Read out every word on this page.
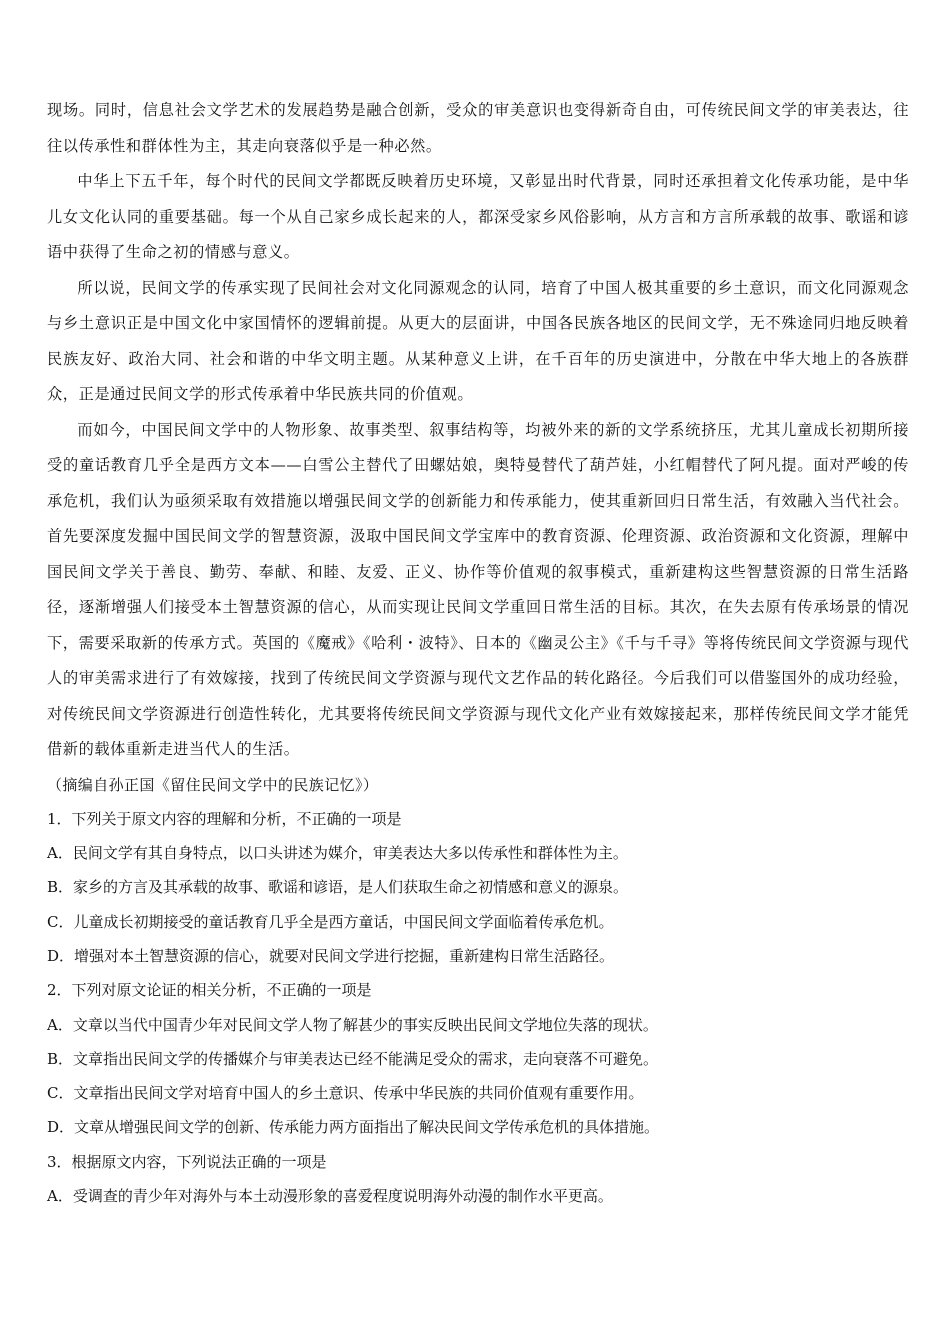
现场。同时，信息社会文学艺术的发展趋势是融合创新，受众的审美意识也变得新奇自由，可传统民间文学的审美表达，往往以传承性和群体性为主，其走向衰落似乎是一种必然。

中华上下五千年，每个时代的民间文学都既反映着历史环境，又彰显出时代背景，同时还承担着文化传承功能，是中华儿女文化认同的重要基础。每一个从自己家乡成长起来的人，都深受家乡风俗影响，从方言和方言所承载的故事、歌谣和谚语中获得了生命之初的情感与意义。

所以说，民间文学的传承实现了民间社会对文化同源观念的认同，培育了中国人极其重要的乡土意识，而文化同源观念与乡土意识正是中国文化中家国情怀的逻辑前提。从更大的层面讲，中国各民族各地区的民间文学，无不殊途同归地反映着民族友好、政治大同、社会和谐的中华文明主题。从某种意义上讲，在千百年的历史演进中，分散在中华大地上的各族群众，正是通过民间文学的形式传承着中华民族共同的价值观。

而如今，中国民间文学中的人物形象、故事类型、叙事结构等，均被外来的新的文学系统挤压，尤其儿童成长初期所接受的童话教育几乎全是西方文本——白雪公主替代了田螺姑娘，奥特曼替代了葫芦娃，小红帽替代了阿凡提。面对严峻的传承危机，我们认为亟须采取有效措施以增强民间文学的创新能力和传承能力，使其重新回归日常生活，有效融入当代社会。首先要深度发掘中国民间文学的智慧资源，汲取中国民间文学宝库中的教育资源、伦理资源、政治资源和文化资源，理解中国民间文学关于善良、勤劳、奉献、和睦、友爱、正义、协作等价值观的叙事模式，重新建构这些智慧资源的日常生活路径，逐渐增强人们接受本土智慧资源的信心，从而实现让民间文学重回日常生活的目标。其次，在失去原有传承场景的情况下，需要采取新的传承方式。英国的《魔戒》《哈利・波特》、日本的《幽灵公主》《千与千寻》等将传统民间文学资源与现代人的审美需求进行了有效嫁接，找到了传统民间文学资源与现代文艺作品的转化路径。今后我们可以借鉴国外的成功经验，对传统民间文学资源进行创造性转化，尤其要将传统民间文学资源与现代文化产业有效嫁接起来，那样传统民间文学才能凭借新的载体重新走进当代人的生活。

（摘编自孙正国《留住民间文学中的民族记忆》）

1．下列关于原文内容的理解和分析，不正确的一项是

A．民间文学有其自身特点，以口头讲述为媒介，审美表达大多以传承性和群体性为主。

B．家乡的方言及其承载的故事、歌谣和谚语，是人们获取生命之初情感和意义的源泉。

C．儿童成长初期接受的童话教育几乎全是西方童话，中国民间文学面临着传承危机。

D．增强对本土智慧资源的信心，就要对民间文学进行挖掘，重新建构日常生活路径。

2．下列对原文论证的相关分析，不正确的一项是

A．文章以当代中国青少年对民间文学人物了解甚少的事实反映出民间文学地位失落的现状。

B．文章指出民间文学的传播媒介与审美表达已经不能满足受众的需求，走向衰落不可避免。

C．文章指出民间文学对培育中国人的乡土意识、传承中华民族的共同价值观有重要作用。

D．文章从增强民间文学的创新、传承能力两方面指出了解决民间文学传承危机的具体措施。

3．根据原文内容，下列说法正确的一项是

A．受调查的青少年对海外与本土动漫形象的喜爱程度说明海外动漫的制作水平更高。
